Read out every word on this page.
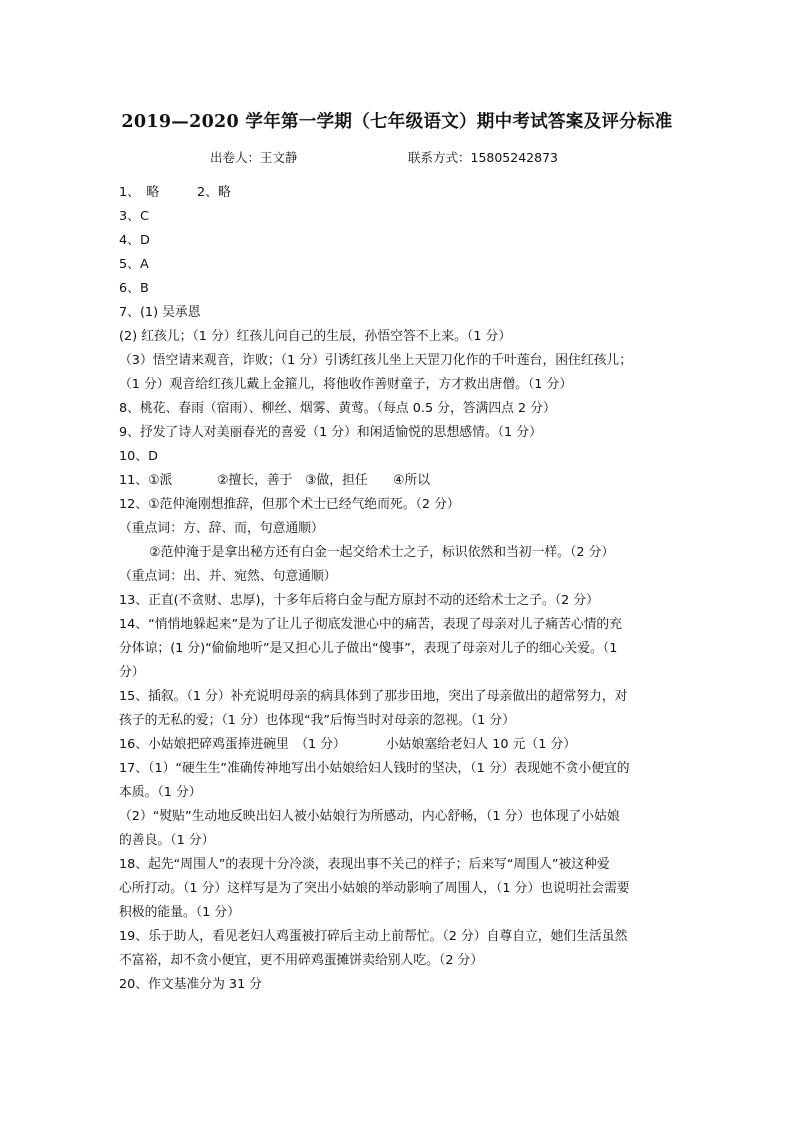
2019—2020 学年第一学期（七年级语文）期中考试答案及评分标准
出卷人：王文静	联系方式：15805242873
1、　略	2、略
3、C
4、D
5、A
6、B
7、(1) 吴承恩
(2) 红孩儿；（1 分）红孩儿问自己的生辰，孙悟空答不上来。（1 分）
（3）悟空请来观音，诈败；（1 分）引诱红孩儿坐上天罡刀化作的千叶莲台，困住红孩儿；
（1 分）观音给红孩儿戴上金箍儿，将他收作善财童子，方才救出唐僧。（1 分）
8、桃花、春雨（宿雨）、柳丝、烟雾、黄莺。（每点 0.5 分，答满四点 2 分）
9、抒发了诗人对美丽春光的喜爱（1 分）和闲适愉悦的思想感情。（1 分）
10、D
11、①派	②擅长，善于 ③做，担任 ④所以
12、①范仲淹刚想推辞，但那个术士已经气绝而死。（2 分）
（重点词：方、辞、而，句意通顺）
②范仲淹于是拿出秘方还有白金一起交给术士之子，标识依然和当初一样。（2 分）
（重点词：出、并、宛然、句意通顺）
13、正直(不贪财、忠厚)，十多年后将白金与配方原封不动的还给术士之子。（2 分）
14、“悄悄地躲起来”是为了让儿子彻底发泄心中的痛苦，表现了母亲对儿子痛苦心情的充
分体谅；(1 分)“偷偷地听”是又担心儿子做出“傻事”，表现了母亲对儿子的细心关爱。（1
分）
15、插叙。（1 分）补充说明母亲的病具体到了那步田地，突出了母亲做出的超常努力，对
孩子的无私的爱；（1 分）也体现“我”后悔当时对母亲的忽视。（1 分）
16、小姑娘把碎鸡蛋捧进碗里　（1 分）	小姑娘塞给老妇人 10 元（1 分）
17、（1）“硬生生”准确传神地写出小姑娘给妇人钱时的坚决，（1 分）表现她不贪小便宜的
本质。（1 分）
（2）“熨贴”生动地反映出妇人被小姑娘行为所感动，内心舒畅，（1 分）也体现了小姑娘
的善良。（1 分）
18、起先“周围人”的表现十分冷淡，表现出事不关己的样子；后来写“周围人”被这种爱
心所打动。（1 分）这样写是为了突出小姑娘的举动影响了周围人，（1 分）也说明社会需要
积极的能量。（1 分）
19、乐于助人，看见老妇人鸡蛋被打碎后主动上前帮忙。（2 分）自尊自立，她们生活虽然
不富裕，却不贪小便宜，更不用碎鸡蛋摊饼卖给别人吃。（2 分）
20、作文基准分为 31 分
